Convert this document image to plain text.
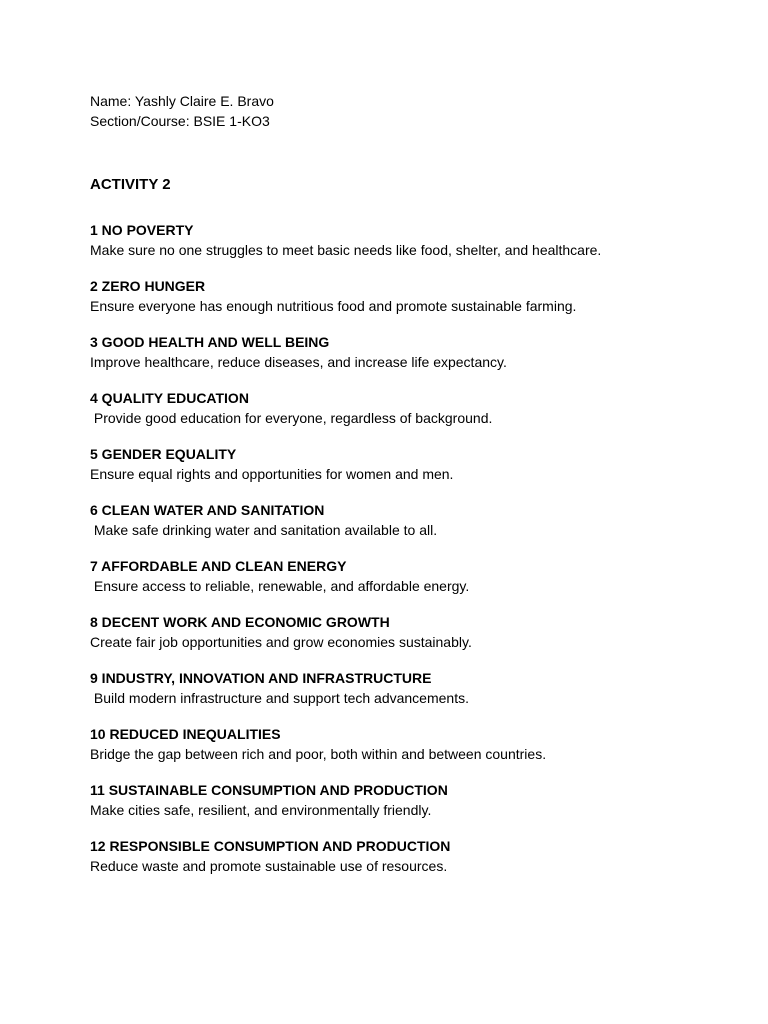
Name: Yashly Claire E. Bravo
Section/Course: BSIE 1-KO3
ACTIVITY 2
1 NO POVERTY
Make sure no one struggles to meet basic needs like food, shelter, and healthcare.
2 ZERO HUNGER
Ensure everyone has enough nutritious food and promote sustainable farming.
3 GOOD HEALTH AND WELL BEING
Improve healthcare, reduce diseases, and increase life expectancy.
4 QUALITY EDUCATION
Provide good education for everyone, regardless of background.
5 GENDER EQUALITY
Ensure equal rights and opportunities for women and men.
6 CLEAN WATER AND SANITATION
Make safe drinking water and sanitation available to all.
7 AFFORDABLE AND CLEAN ENERGY
Ensure access to reliable, renewable, and affordable energy.
8 DECENT WORK AND ECONOMIC GROWTH
Create fair job opportunities and grow economies sustainably.
9 INDUSTRY, INNOVATION AND INFRASTRUCTURE
Build modern infrastructure and support tech advancements.
10 REDUCED INEQUALITIES
Bridge the gap between rich and poor, both within and between countries.
11 SUSTAINABLE CONSUMPTION AND PRODUCTION
Make cities safe, resilient, and environmentally friendly.
12 RESPONSIBLE CONSUMPTION AND PRODUCTION
Reduce waste and promote sustainable use of resources.
